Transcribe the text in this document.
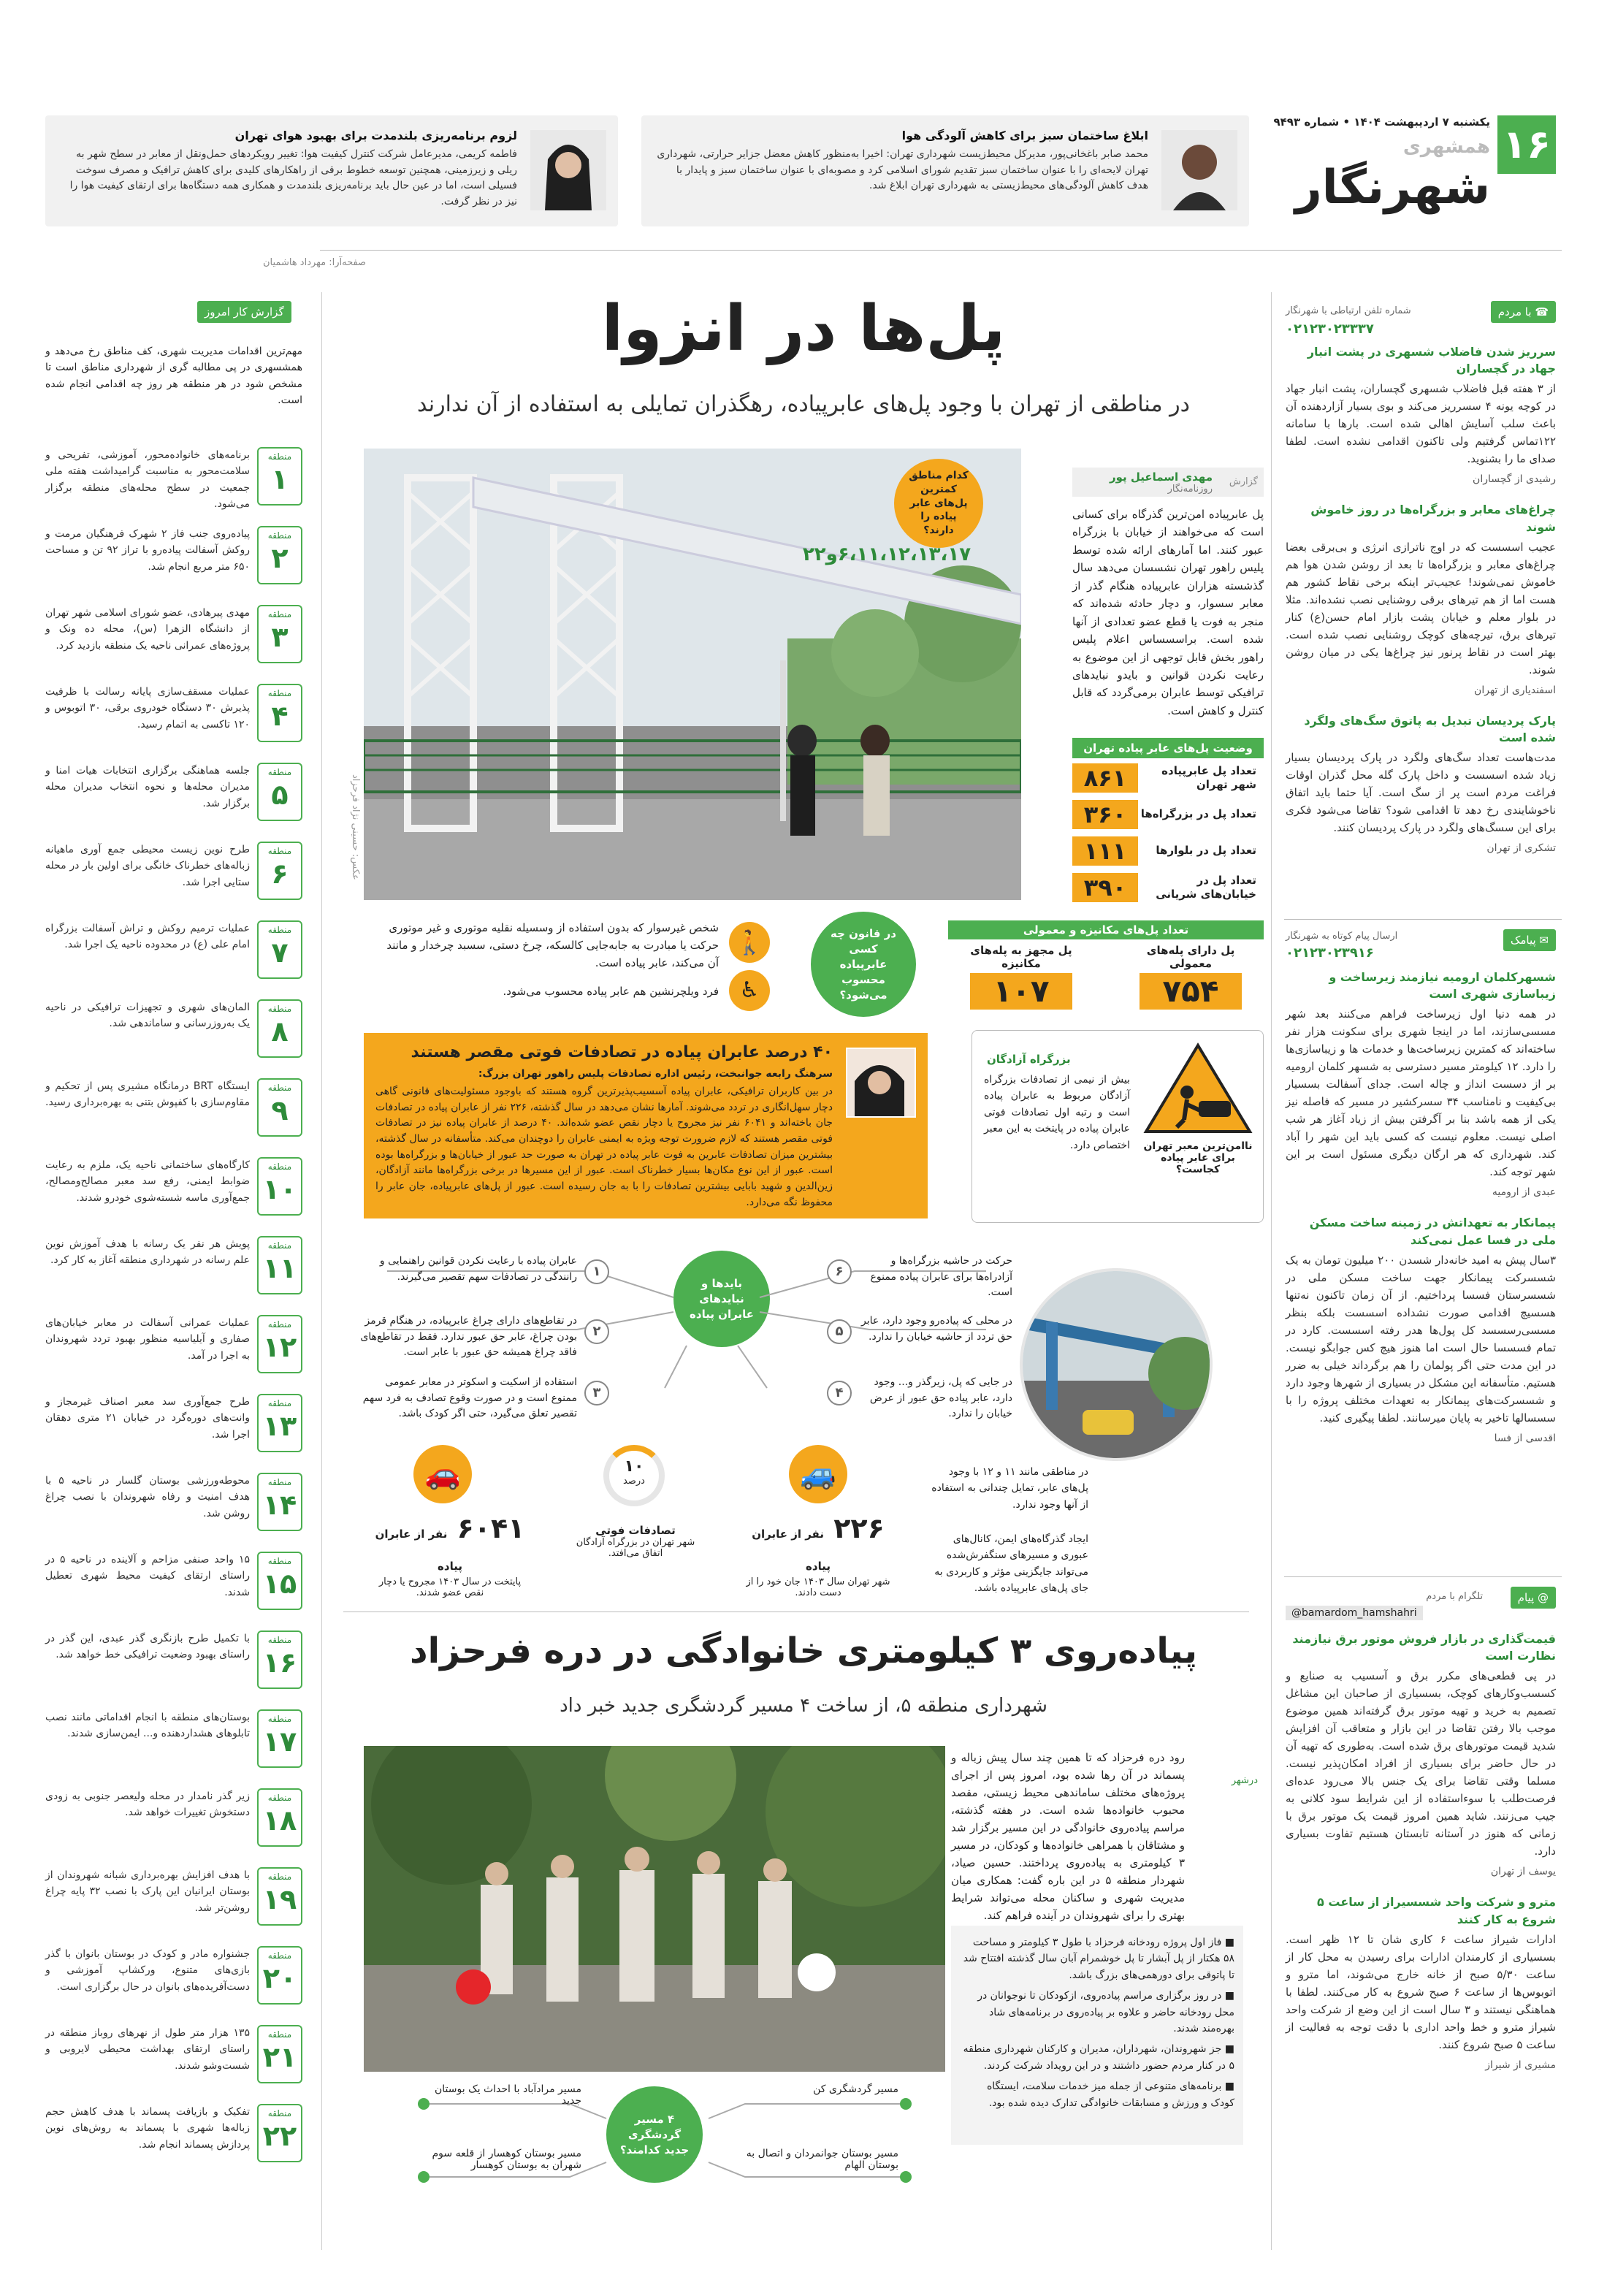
۱۶
یکشنبه ۷ اردیبهشت ۱۴۰۴ • شماره ۹۴۹۳
همشهری
شهرنگار
صفحه‌آرا: مهرداد هاشمیان
ابلاغ ساختمان سبز برای کاهش آلودگی هوا
محمد صابر باغخانی‌پور، مدیرکل محیط‌زیست شهرداری تهران: اخیرا به‌منظور کاهش معضل جزایر حرارتی، شهرداری تهران لایحه‌ای را با عنوان ساختمان سبز تقدیم شورای اسلامی کرد و مصوبه‌ای با عنوان ساختمان سبز و پایدار با هدف کاهش آلودگی‌های محیط‌زیستی به شهرداری تهران ابلاغ شد.
لزوم برنامه‌ریزی بلندمدت برای بهبود هوای تهران
فاطمه کریمی، مدیرعامل شرکت کنترل کیفیت هوا: تغییر رویکردهای حمل‌ونقل از معابر در سطح شهر به ریلی و زیرزمینی، همچنین توسعه خطوط برقی از راهکارهای کلیدی برای کاهش ترافیک و مصرف سوخت فسیلی است، اما در عین حال باید برنامه‌ریزی بلندمدت و همکاری همه دستگاه‌ها برای ارتقای کیفیت هوا را نیز در نظر گرفت.
☎ با مردم
شماره تلفن ارتباطی با شهرنگار
۰۲۱۲۳۰۲۳۳۳۷
سرریز شدن فاضلاب شسهری در پشت انبار جهاد در گچساران
از ۳ هفته قبل فاضلاب شسهری گچساران، پشت انبار جهاد در کوچه یونه ۴ سسرریز می‌کند و بوی بسیار آزاردهنده آن باعث سلب آسایش اهالی شده است. بارها با سامانه ۱۲۲تماس گرفتیم ولی تاکنون اقدامی نشده است. لطفا صدای ما را بشنوید.
رشیدی از گچساران
چراغ‌های معابر و بزرگراه‌ها در روز خاموش شوند
عجیب اسسست که در اوج ناترازی انرژی و بی‌برقی بعضا چراغ‌های معابر و بزرگراه‌ها تا بعد از روشن شدن هوا هم خاموش نمی‌شوند! عجیب‌تر اینکه برخی نقاط کشور هم هست اما از هم تیرهای برقی روشنایی نصب نشده‌اند. مثلا در بلوار معلم و خیابان پشت بازار امام حسن(ع) کنار تیرهای برق، تیرچه‌های کوچک روشنایی نصب شده است. بهتر است در نقاط پرنور نیز چراغ‌ها یکی در میان روشن شوند.
اسفندیاری از تهران
پارک پردیسان تبدیل به پاتوق سگ‌های ولگرد شده است
مدت‌هاست تعداد سگ‌های ولگرد در پارک پردیسان بسیار زیاد شده اسسست و داخل پارک گله محل گذران اوقات فراغت مردم است پر از سگ است. آیا حتما باید اتفاق ناخوشایندی رخ دهد تا اقدامی شود؟ تقاضا می‌شود فکری برای این سسگ‌های ولگرد در پارک پردیسان کنند.
تشکری از تهران
✉ پیامک
ارسال پیام کوتاه به شهرنگار
۰۲۱۲۳۰۲۳۹۱۶
شسهرکلمان ارومیه نیازمند زیرساخت و زیباسازی شهری است
در همه دنیا اول زیرساخت فراهم می‌کنند بعد شهر مسسی‌سازند، اما در اینجا شهری برای سکونت‌ هزار نفر ساخته‌اند که کمترین زیرساخت‌ها و خدمات‌ ها و زیباسازی‌ها را دارد. ۱۲ کیلومتر مسیر دسترسی به شسهر کلمان ارومیه بر از دسست انداز و چاله است. جدای آسفالت بسسیار بی‌کیفیت و نامناسب ۳۴ سسرکشیر در مسیر که فاصله نیز یکی از همه باشد بنا بر آگرفتن بیش از زیاد آغاز هر شب اصلی نیست. معلوم نیست که کسی باید این شهر را آباد کند. شهرداری که هر ارگان دیگری مسئول است بر این شهر توجه کند.
عبدی از ارومیه
پیمانکار به تعهداتش در زمینه ساخت مسکن ملی در فسا عمل نمی‌کند
۳سال پیش به امید خانه‌دار شسدن ۲۰۰ میلیون تومان به یک شسسرکت پیمانکار جهت ساخت مسکن ملی در شسسرستان فسسا پرداختیم. از آن زمان تاکنون نه‌تنها هسسیچ اقدامی صورت نشداده اسسست بلکه بنظر مسسی‌رسسسد کل پول‌ها هدر رفته اسسست. کارد در تمام فسسسا حال است اما هنوز هیچ کس جوابگو نیست. در این مدت حتی اگر پولمان را هم برگرداند خیلی به ضرر هستیم. متأسفانه این مشکل در بسیاری از شهرها وجود دارد و شسسرکت‌های پیمانکار به تعهدات مختلف پروژه را با سسسالها تاخیر به پایان میرسانند. لطفا پیگیری کنید.
اقدسی از فسا
@ پیام
تلگرام با مردم
@bamardom_hamshahri
قیمت‌گذاری در بازار فروش موتور برق نیازمند نظارت است
در پی قطعی‌های مکرر برق و آسسیب به صنایع و کسسب‌وکارهای کوچک، بسسیاری از صاحبان این مشاغل تصمیم به خرید و تهیه موتور برق گرفته‌اند همین موضوع موجب بالا رفتن تقاضا در این بازار و متعاقب آن افزایش شدید قیمت موتورهای برق شده است. به‌طوری که تهیه آن در حال حاضر برای بسیاری از افراد امکان‌پذیر نیست. مسلما وقتی تقاضا برای یک جنس بالا می‌رود عده‌ای فرصت‌طلب با سوءاستفاده از این شرایط سود کلانی به جیب می‌زنند. شاید همین امروز قیمت یک موتور برق با زمانی که هنوز در آستانه تابستان هستیم تفاوت بسیاری دارد.
یوسف از تهران
مترو و شرکت واحد شسسیراز از ساعت ۵ شروع به کار کنند
ادارات شیراز ساعت ۶ کاری شان تا ۱۲ ظهر است. بسسیاری از کارمندان ادارات برای رسیدن به محل کار از ساعت ۵/۳۰ صبح از خانه خارج می‌شوند، اما مترو و اتوبوس‌ها از ساعت ۶ صبح شروع به کار می‌کنند. لطفا با هماهنگی نیستند و ۳ سال است از این وضع از شرکت واحد شیراز مترو و خط واحد اداری با دقت توجه به فعالیت از ساعت ۵ صبح شروع کنند.
مشیری از شیراز
گزارش کار امروز
مهم‌ترین اقدامات مدیریت شهری، کف مناطق رخ می‌دهد و همشسهری در پی مطالبه گری از شهرداری مناطق است تا مشخص شود در هر منطقه هر روز چه اقدامی انجام شده است.
منطقه
۱
برنامه‌های خانواده‌محور، آموزشی، تفریحی و سلامت‌محور به مناسبت گرامیداشت هفته ملی جمعیت در سطح محله‌های منطقه برگزار می‌شود.
منطقه
۲
پیاده‌روی جنب فاز ۲ شهرک فرهنگیان مرمت و روکش آسفالت پیاده‌رو با تراز ۹۲ تن و مساحت ۶۵۰ متر مربع انجام شد.
منطقه
۳
مهدی پیرهادی، عضو شورای اسلامی شهر تهران از دانشگاه الزهرا (س)، محله ده ونک و پروژه‌های عمرانی ناحیه یک منطقه بازدید کرد.
منطقه
۴
عملیات مسقف‌سازی پایانه رسالت با ظرفیت پذیرش ۳۰ دستگاه خودروی برقی، ۳۰ اتوبوس و ۱۲۰ تاکسی به اتمام رسید.
منطقه
۵
جلسه هماهنگی برگزاری انتخابات هیات امنا و مدیران محله‌ها و نحوه انتخاب مدیران محله برگزار شد.
منطقه
۶
طرح نوین زیست محیطی جمع آوری ماهیانه زباله‌های خطرناک خانگی برای اولین بار در محله ستایی اجرا شد.
منطقه
۷
عملیات ترمیم روکش و تراش آسفالت بزرگراه امام علی (ع) در محدوده ناحیه یک اجرا شد.
منطقه
۸
المان‌های شهری و تجهیزات ترافیکی در ناحیه یک به‌روزرسانی و ساماندهی شد.
منطقه
۹
ایستگاه BRT درمانگاه مشیری پس از تحکیم و مقاوم‌سازی با کفپوش بتنی به بهره‌برداری رسید.
منطقه
۱۰
کارگاه‌های ساختمانی ناحیه یک، ملزم به رعایت ضوابط ایمنی، رفع سد معبر مصالح‌ومصالح، جمع‌آوری ماسه شسته‌شوی خودرو شدند.
منطقه
۱۱
پویش هر نفر یک رسانه با هدف آموزش نوین علم رسانه در شهرداری منطقه آغاز به کار کرد.
منطقه
۱۲
عملیات عمرانی آسفالت در معابر خیابان‌های صفاری و آیلیاسیه منظور بهبود تردد شهروندان به اجرا در آمد.
منطقه
۱۳
طرح جمع‌آوری سد معبر اصناف غیرمجاز و وانت‌های دوره‌گرد در خیابان ۲۱ متری دهقان اجرا شد.
منطقه
۱۴
محوطه‌ورزشی بوستان گلسار در ناحیه ۵ با هدف امنیت و رفاه شهروندان با نصب چراغ روشن شد.
منطقه
۱۵
۱۵ واحد صنفی مزاحم و آلاینده در ناحیه ۵ در راستای ارتقای کیفیت محیط شهری تعطیل شدند.
منطقه
۱۶
با تکمیل طرح بازنگری گذر عبدی، این گذر در راستای بهبود وضعیت ترافیکی خط خواهد شد.
منطقه
۱۷
بوستان‌های منطقه با انجام اقداماتی مانند نصب تابلوهای هشداردهنده و... ایمن‌سازی شدند.
منطقه
۱۸
زیر گذر نامدار در محله ولیعصر جنوبی به زودی دستخوش تغییرات خواهد شد.
منطقه
۱۹
با هدف افزایش بهره‌برداری شبانه شهروندان از بوستان ایرانیان این پارک با نصب ۳۲ پایه چراغ روشن‌تر شد.
منطقه
۲۰
جشنواره مادر و کودک در بوستان بانوان با گذر بازی‌های متنوع، ورکشاپ آموزشی و دست‌آفریده‌های بانوان در حال برگزاری است.
منطقه
۲۱
۱۳۵ هزار متر طول از نهرهای روباز منطقه در راستای ارتقای بهداشت محیطی لایروبی و شست‌وشو شدند.
منطقه
۲۲
تفکیک و بازیافت پسماند با هدف کاهش حجم زباله‌ها شهری با پسماند به روش‌های نوین پردازش پسماند انجام شد.
پل‌ها در انزوا
در مناطقی از تهران با وجود پل‌های عابرپیاده، رهگذران تمایلی به استفاده از آن ندارند
عکس: حسینی نژاد فرحزاد
کدام مناطق کمترین پل‌های عابر پیاده را دارند؟
۶،۱۱،۱۲،۱۳،۱۷و۲۲
گزارش
مهدی اسماعیل پور
روزنامه‌نگار
پل عابرپیاده امن‌ترین گذرگاه برای کسانی است که می‌خواهند از خیابان با بزرگراه عبور کنند. اما آمارهای ارائه شده توسط پلیس راهور تهران نشسسان می‌دهد سال گذشسته هزاران عابرپیاده هنگام گذر از معابر سسوار، و دچار حادثه شده‌اند که منجر به فوت یا قطع عضو تعدادی از آنها شده است. براسسساس اعلام پلیس راهور بخش قابل توجهی از این موضوع به رعایت نکردن قوانین و بایدو نبایدهای ترافیکی توسط عابران برمی‌گردد که قابل کنترل و کاهش است.
وضعیت پل‌های عابر پیاده تهران
تعداد پل عابرپیاده شهر تهران
۸۶۱
تعداد پل در بزرگراه‌ها
۳۶۰
تعداد پل در بلوارها
۱۱۱
تعداد پل در خیابان‌های شریانی
۳۹۰
تعداد پل‌های مکانیزه و معمولی
پل دارای پله‌های معمولی
۷۵۴
پل مجهز به پله‌های مکانیزه
۱۰۷
در قانون چه کسی عابرپیاده محسوب می‌شود؟
🚶
♿
شخص غیرسوار که بدون استفاده از وسسیله نقلیه موتوری و غیر موتوری حرکت یا مبادرت به جابه‌جایی کالسکه، چرخ دستی، سسبد چرخدار و مانند آن می‌کند، عابر پیاده است.
فرد ویلچرنشین هم عابر پیاده محسوب می‌شود.
۴۰ درصد عابران پیاده در تصادفات فوتی مقصر هستند
سرهنگ رابعه جوانبخت، رئیس اداره تصادفات پلیس راهور تهران بزرگ:
در بین کاربران ترافیکی، عابران پیاده آسسیب‌پذیرترین گروه هستند که باوجود مسئولیت‌های قانونی گاهی دچار سهل‌انگاری در تردد می‌شوند. آمارها نشان می‌دهد در سال گذشته، ۲۲۶ نفر از عابران پیاده در تصادفات جان باخته‌اند و ۶۰۴۱ نفر نیز مجروح یا دچار نقص عضو شده‌اند. ۴۰ درصد از عابران پیاده نیز در تصادفات فوتی مقصر هستند که لازم ضرورت توجه ویژه به ایمنی عابران را دوچندان می‌کند. متأسفانه در سال گذشته، بیشترین میزان تصادفات عابرین به فوت عابر پیاده در تهران به صورت حد عبور از خیابان‌ها و بزرگراه‌ها بوده است. عبور از این نوع مکان‌ها بسیار خطرناک است. عبور از این مسیرها در برخی بزرگراه‌ها مانند آزادگان، زین‌الدین و شهید بابایی بیشترین تصادفات را با به جان رسیده است. عبور از پل‌های عابرپیاده، جان عابر را محفوظ نگه می‌دارد.
ناامن‌ترین معبر تهران برای عابر پیاده کجاست؟
بزرگراه آزادگان
بیش از نیمی از تصادفات بزرگراه آزادگان مربوط به عابران پیاده است و رتبه اول تصادفات فوتی عابران پیاده در پایتخت به این معبر اختصاص دارد.
بایدها و نبایدهای عابران پیاده
۱
عابران پیاده با رعایت نکردن قوانین راهنمایی و رانندگی در تصادفات سهم تقصیر می‌گیرند.
۲
در تقاطع‌های دارای چراغ عابرپیاده، در هنگام قرمز بودن چراغ، عابر حق عبور ندارد. فقط در تقاطع‌های فاقد چراغ همیشه حق عبور با عابر است.
۳
استفاده از اسکیت و اسکوتر در معابر عمومی ممنوع است و در صورت وقوع تصادف به فرد سهم تقصیر تعلق می‌گیرد، حتی اگر کودک باشد.
۴
در جایی که پل، زیرگذر و... وجود دارد، عابر پیاده حق عبور از عرض خیابان را ندارد.
۵
در محلی که پیاده‌رو وجود دارد، عابر حق تردد از حاشیه خیابان را ندارد.
۶
حرکت در حاشیه بزرگراه‌ها و آزادراه‌ها برای عابران پیاده ممنوع است.
🚗
۶۰۴۱ نفر از عابران پیاده
پایتخت در سال ۱۴۰۳ مجروح یا دچار نقص عضو شدند.
۱۰
درصد
تصادفات فوتی
شهر تهران در بزرگراه آزادگان اتفاق می‌افتد.
🚙
۲۲۶ نفر از عابران پیاده
شهر تهران سال ۱۴۰۳ جان خود را از دست دادند.
در مناطقی مانند ۱۱ و ۱۲ با وجود پل‌های عابر، تمایل چندانی به استفاده از آنها وجود ندارد.
ایجاد گذرگاه‌های ایمن، کانال‌های عبوری و مسیرهای سنگفرش‌شده می‌تواند جایگزینی مؤثر و کاربردی به جای پل‌های عابرپیاده باشد.
پیاده‌روی ۳ کیلومتری خانوادگی در دره فرحزاد
شهرداری منطقه ۵، از ساخت ۴ مسیر گردشگری جدید خبر داد
درشهر
رود دره فرحزاد که تا همین چند سال پیش زباله و پسماند در آن رها شده بود، امروز پس از اجرای پروژه‌های مختلف ساماندهی محیط زیستی، مقصد محبوب خانواده‌ها شده است. در هفته گذشته، مراسم پیاده‌روی خانوادگی در این مسیر برگزار شد و مشتاقان با همراهی خانواده‌ها و کودکان، در مسیر ۳ کیلومتری به پیاده‌روی پرداختند. حسین صیاد، شهردار منطقه ۵ در این باره گفت: همکاری میان مدیریت شهری و ساکنان محله می‌تواند شرایط بهتری را برای شهروندان در آینده فراهم کند.
■ فاز اول پروژه رودخانه فرحزاد با طول ۳ کیلومتر و مساحت ۵۸ هکتار از پل آبشار تا پل خوشمرام آبان سال گذشته افتتاح شد تا پاتوقی برای دورهمی‌های بزرگ باشد.
■ در روز برگزاری مراسم پیاده‌روی، ازکودکان تا نوجوانان در محل رودخانه حاضر و علاوه بر پیاده‌روی در برنامه‌های شاد بهره‌مند شدند.
■ جز شهروندان، شهرداران، مدیران و کارکنان شهرداری منطقه ۵ در کنار مردم حضور داشتند و در این رویداد شرکت کردند.
■ برنامه‌های متنوعی از جمله میز خدمات سلامت، ایستگاه کودک و ورزش و مسابقات خانوادگی تدارک دیده شده بود.
۴ مسیر گردشگری جدید کدامند؟
مسیر گردشگری کن
مسیر بوستان جوانمردان و اتصال به بوستان الهام
مسیر مرادآباد با احداث یک بوستان جدید
مسیر بوستان کوهسار از قلعه سوم شهران به بوستان کوهسار
